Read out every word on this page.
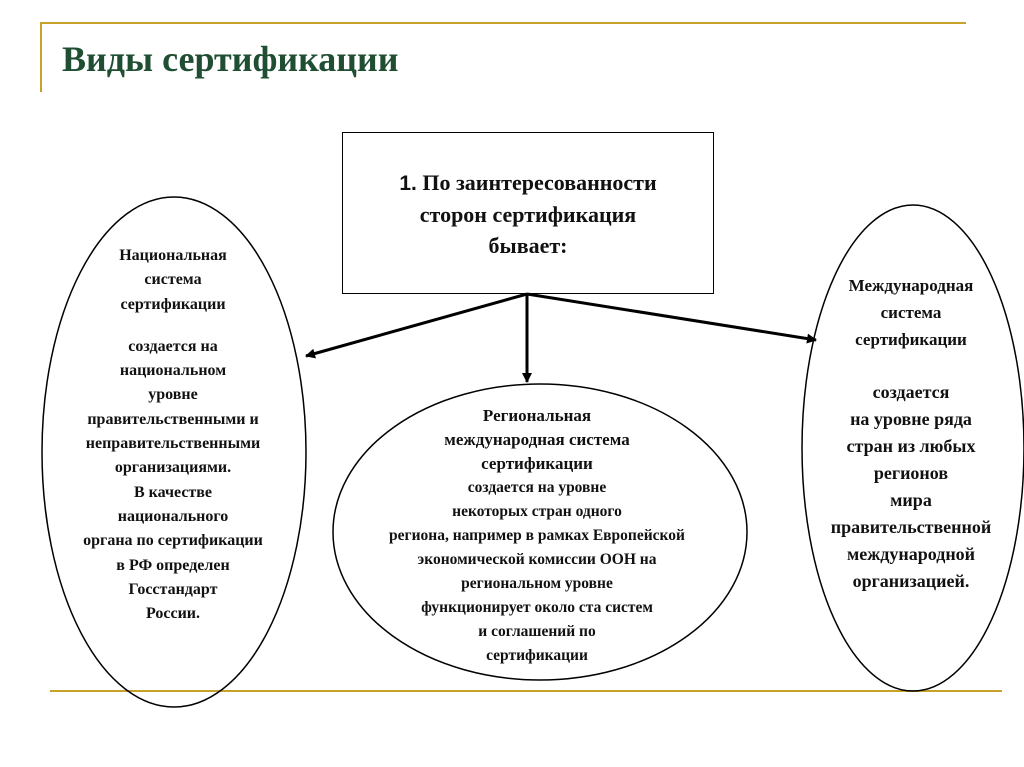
Виды сертификации
1. По заинтересованности
сторон сертификация
бывает:
Национальная
система
сертификации
создается на
национальном
уровне
правительственными и
неправительственными
организациями.
В качестве
национального
органа по сертификации
в РФ определен
Госстандарт
России.
Региональная
международная система
сертификации
создается на уровне
некоторых стран одного
региона, например в рамках Европейской
экономической комиссии ООН на
региональном уровне
функционирует около ста систем
и соглашений по
сертификации
Международная
система
сертификации
создается
на уровне ряда
стран из любых
регионов
мира
правительственной
международной
организацией.
